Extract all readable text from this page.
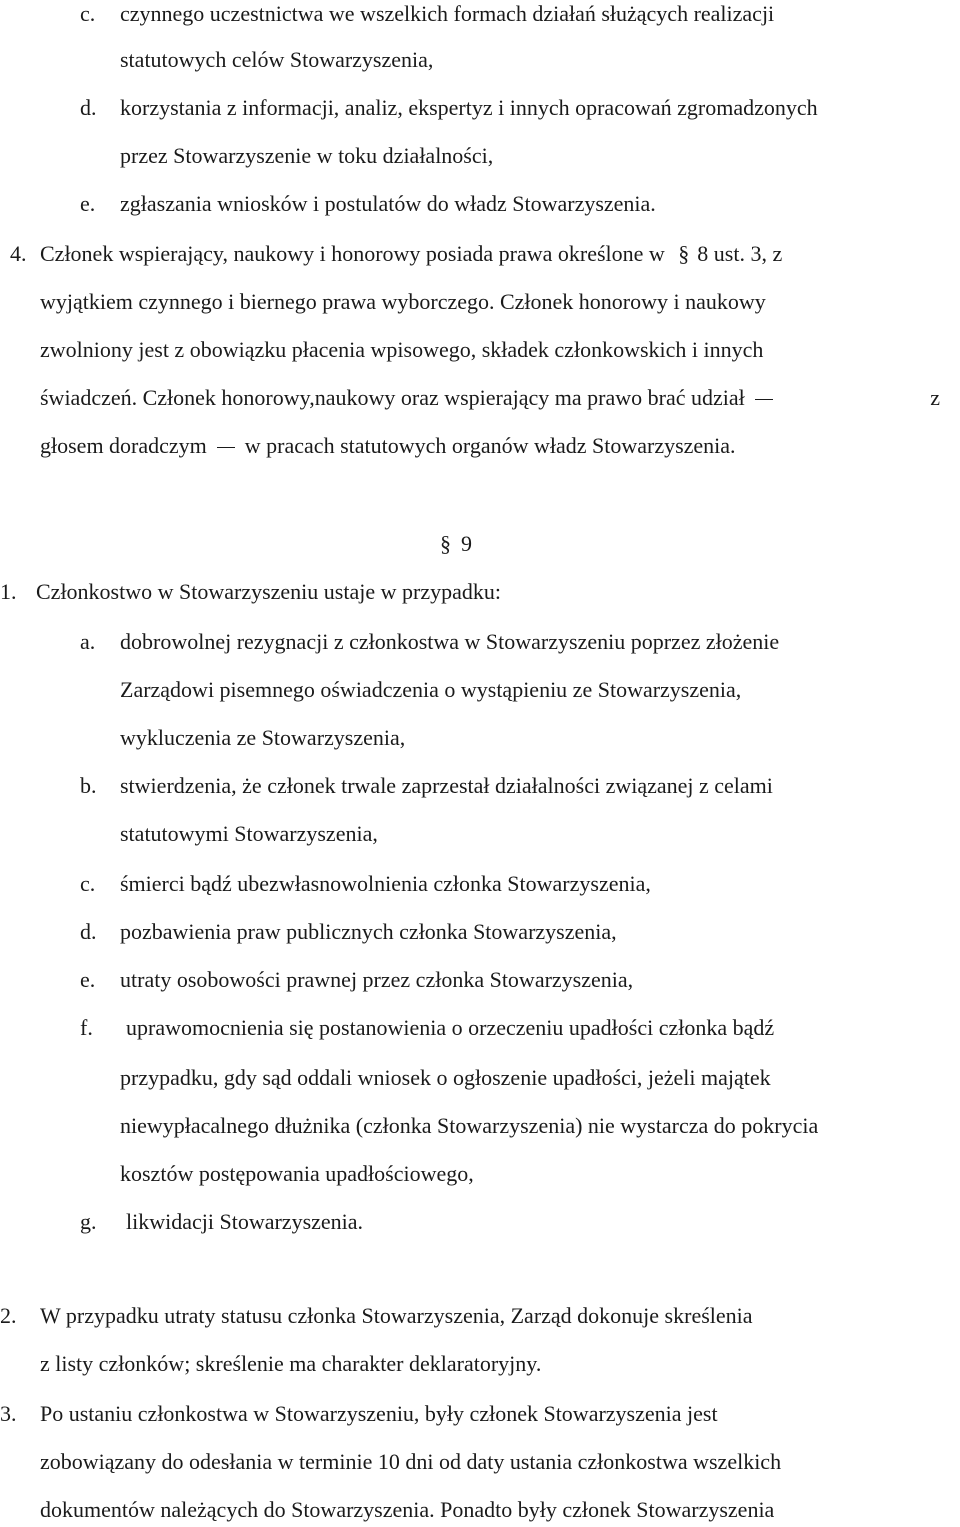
c. czynnego uczestnictwa we wszelkich formach działań służących realizacji
statutowych celów Stowarzyszenia,
d. korzystania z informacji, analiz, ekspertyz i innych opracowań zgromadzonych
przez Stowarzyszenie w toku działalności,
e. zgłaszania wniosków i postulatów do władz Stowarzyszenia.
4. Członek wspierający, naukowy i honorowy posiada prawa określone w § 8 ust. 3, z
wyjątkiem czynnego i biernego prawa wyborczego. Członek honorowy i naukowy
zwolniony jest z obowiązku płacenia wpisowego, składek członkowskich i innych
świadczeń. Członek honorowy,naukowy oraz wspierający ma prawo brać udział	z
głosem doradczym w pracach statutowych organów władz Stowarzyszenia.
§ 9
1. Członkostwo w Stowarzyszeniu ustaje w przypadku:
a. dobrowolnej rezygnacji z członkostwa w Stowarzyszeniu poprzez złożenie
Zarządowi pisemnego oświadczenia o wystąpieniu ze Stowarzyszenia,
wykluczenia ze Stowarzyszenia,
b. stwierdzenia, że członek trwale zaprzestał działalności związanej z celami
statutowymi Stowarzyszenia,
c. śmierci bądź ubezwłasnowolnienia członka Stowarzyszenia,
d. pozbawienia praw publicznych członka Stowarzyszenia,
e. utraty osobowości prawnej przez członka Stowarzyszenia,
f. uprawomocnienia się postanowienia o orzeczeniu upadłości członka bądź
przypadku, gdy sąd oddali wniosek o ogłoszenie upadłości, jeżeli majątek
niewypłacalnego dłużnika (członka Stowarzyszenia) nie wystarcza do pokrycia
kosztów postępowania upadłościowego,
g. likwidacji Stowarzyszenia.
2. W przypadku utraty statusu członka Stowarzyszenia, Zarząd dokonuje skreślenia
z listy członków; skreślenie ma charakter deklaratoryjny.
3. Po ustaniu członkostwa w Stowarzyszeniu, były członek Stowarzyszenia jest
zobowiązany do odesłania w terminie 10 dni od daty ustania członkostwa wszelkich
dokumentów należących do Stowarzyszenia. Ponadto były członek Stowarzyszenia
